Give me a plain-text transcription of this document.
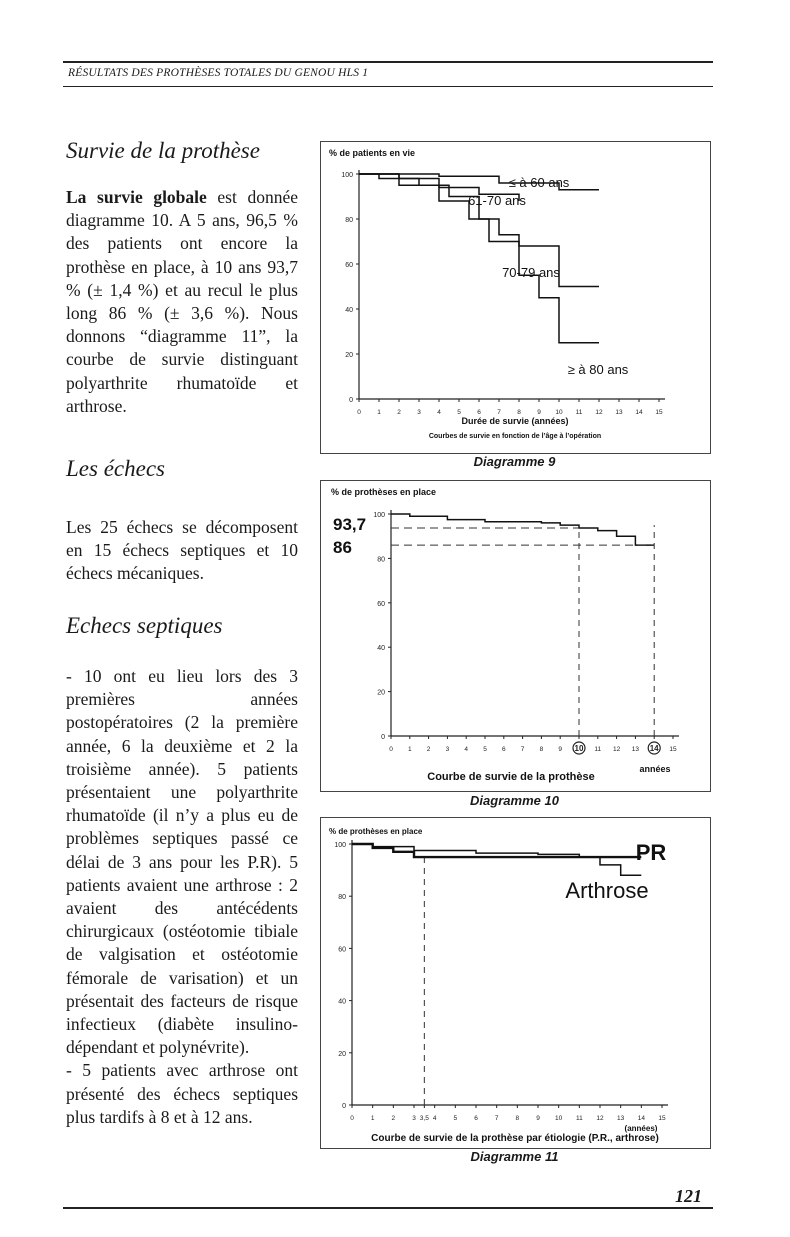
RÉSULTATS DES PROTHÈSES TOTALES DU GENOU HLS 1
Survie de la prothèse

La survie globale est donnée diagramme 10. A 5 ans, 96,5 % des patients ont encore la prothèse en place, à 10 ans 93,7 % (± 1,4 %) et au recul le plus long 86 % (± 3,6 %). Nous donnons “diagramme 11”, la courbe de survie distinguant polyarthrite rhumatoïde et arthrose.

Les échecs

Les 25 échecs se décomposent en 15 échecs septiques et 10 échecs mécaniques.

Echecs septiques

- 10 ont eu lieu lors des 3 premières années postopératoires (2 la première année, 6 la deuxième et 2 la troisième année). 5 patients présentaient une polyarthrite rhumatoïde (il n’y a plus eu de problèmes septiques passé ce délai de 3 ans pour les P.R). 5 patients avaient une arthrose : 2 avaient des antécédents chirurgicaux (ostéotomie tibiale de valgisation et ostéotomie fémorale de varisation) et un présentait des facteurs de risque infectieux (diabète insulino-dépendant et polynévrite).

- 5 patients avec arthrose ont présenté des échecs septiques plus tardifs à 8 et à 12 ans.

0
20
40
60
80
100
0	1	2	3	4	5	6	7	8	9 10 11 12 13 14 15
≤ à 60 ans
61-70 ans
70-79 ans
≥ à 80 ans
% de patients en vie
Durée de survie (années)
Courbes de survie en fonction de l’âge à l’opération
Diagramme 9
0
20
40
60
80
100
0 1 2 3 4 5 6 7 8 9 10 11 12 13 14 15
93,7
86
% de prothèses en place
années
Courbe de survie de la prothèse
Diagramme 10
0
20
40
60
80
100
0	1	2	3 3,5 4	5	6	7	8	9 10 11 12 13 14 15
PR
Arthrose
% de prothèses en place
(années)
Courbe de survie de la prothèse par étiologie (P.R., arthrose)
Diagramme 11
121
